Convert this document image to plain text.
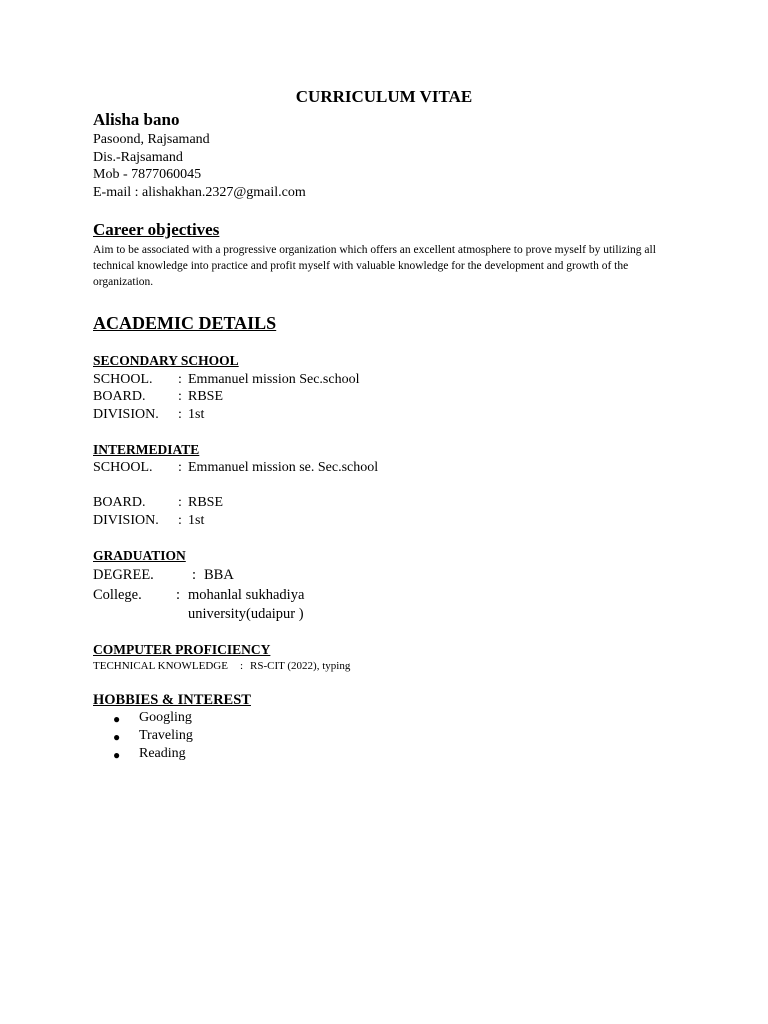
CURRICULUM VITAE
Alisha bano
Pasoond, Rajsamand
Dis.-Rajsamand
Mob - 7877060045
E-mail : alishakhan.2327@gmail.com
Career objectives
Aim to be associated with a progressive organization which offers an excellent atmosphere to prove myself by utilizing all technical knowledge into practice and profit myself with valuable knowledge for the development and growth of the organization.
ACADEMIC DETAILS
SECONDARY SCHOOL
SCHOOL. : Emmanuel mission Sec.school
BOARD. : RBSE
DIVISION. : 1st
INTERMEDIATE
SCHOOL. : Emmanuel mission se. Sec.school
BOARD. : RBSE
DIVISION. : 1st
GRADUATION
DEGREE.	: BBA
College. : mohanlal sukhadiya
university(udaipur )
COMPUTER PROFICIENCY
TECHNICAL KNOWLEDGE : RS-CIT (2022), typing
HOBBIES & INTEREST
● Googling
● Traveling
● Reading
